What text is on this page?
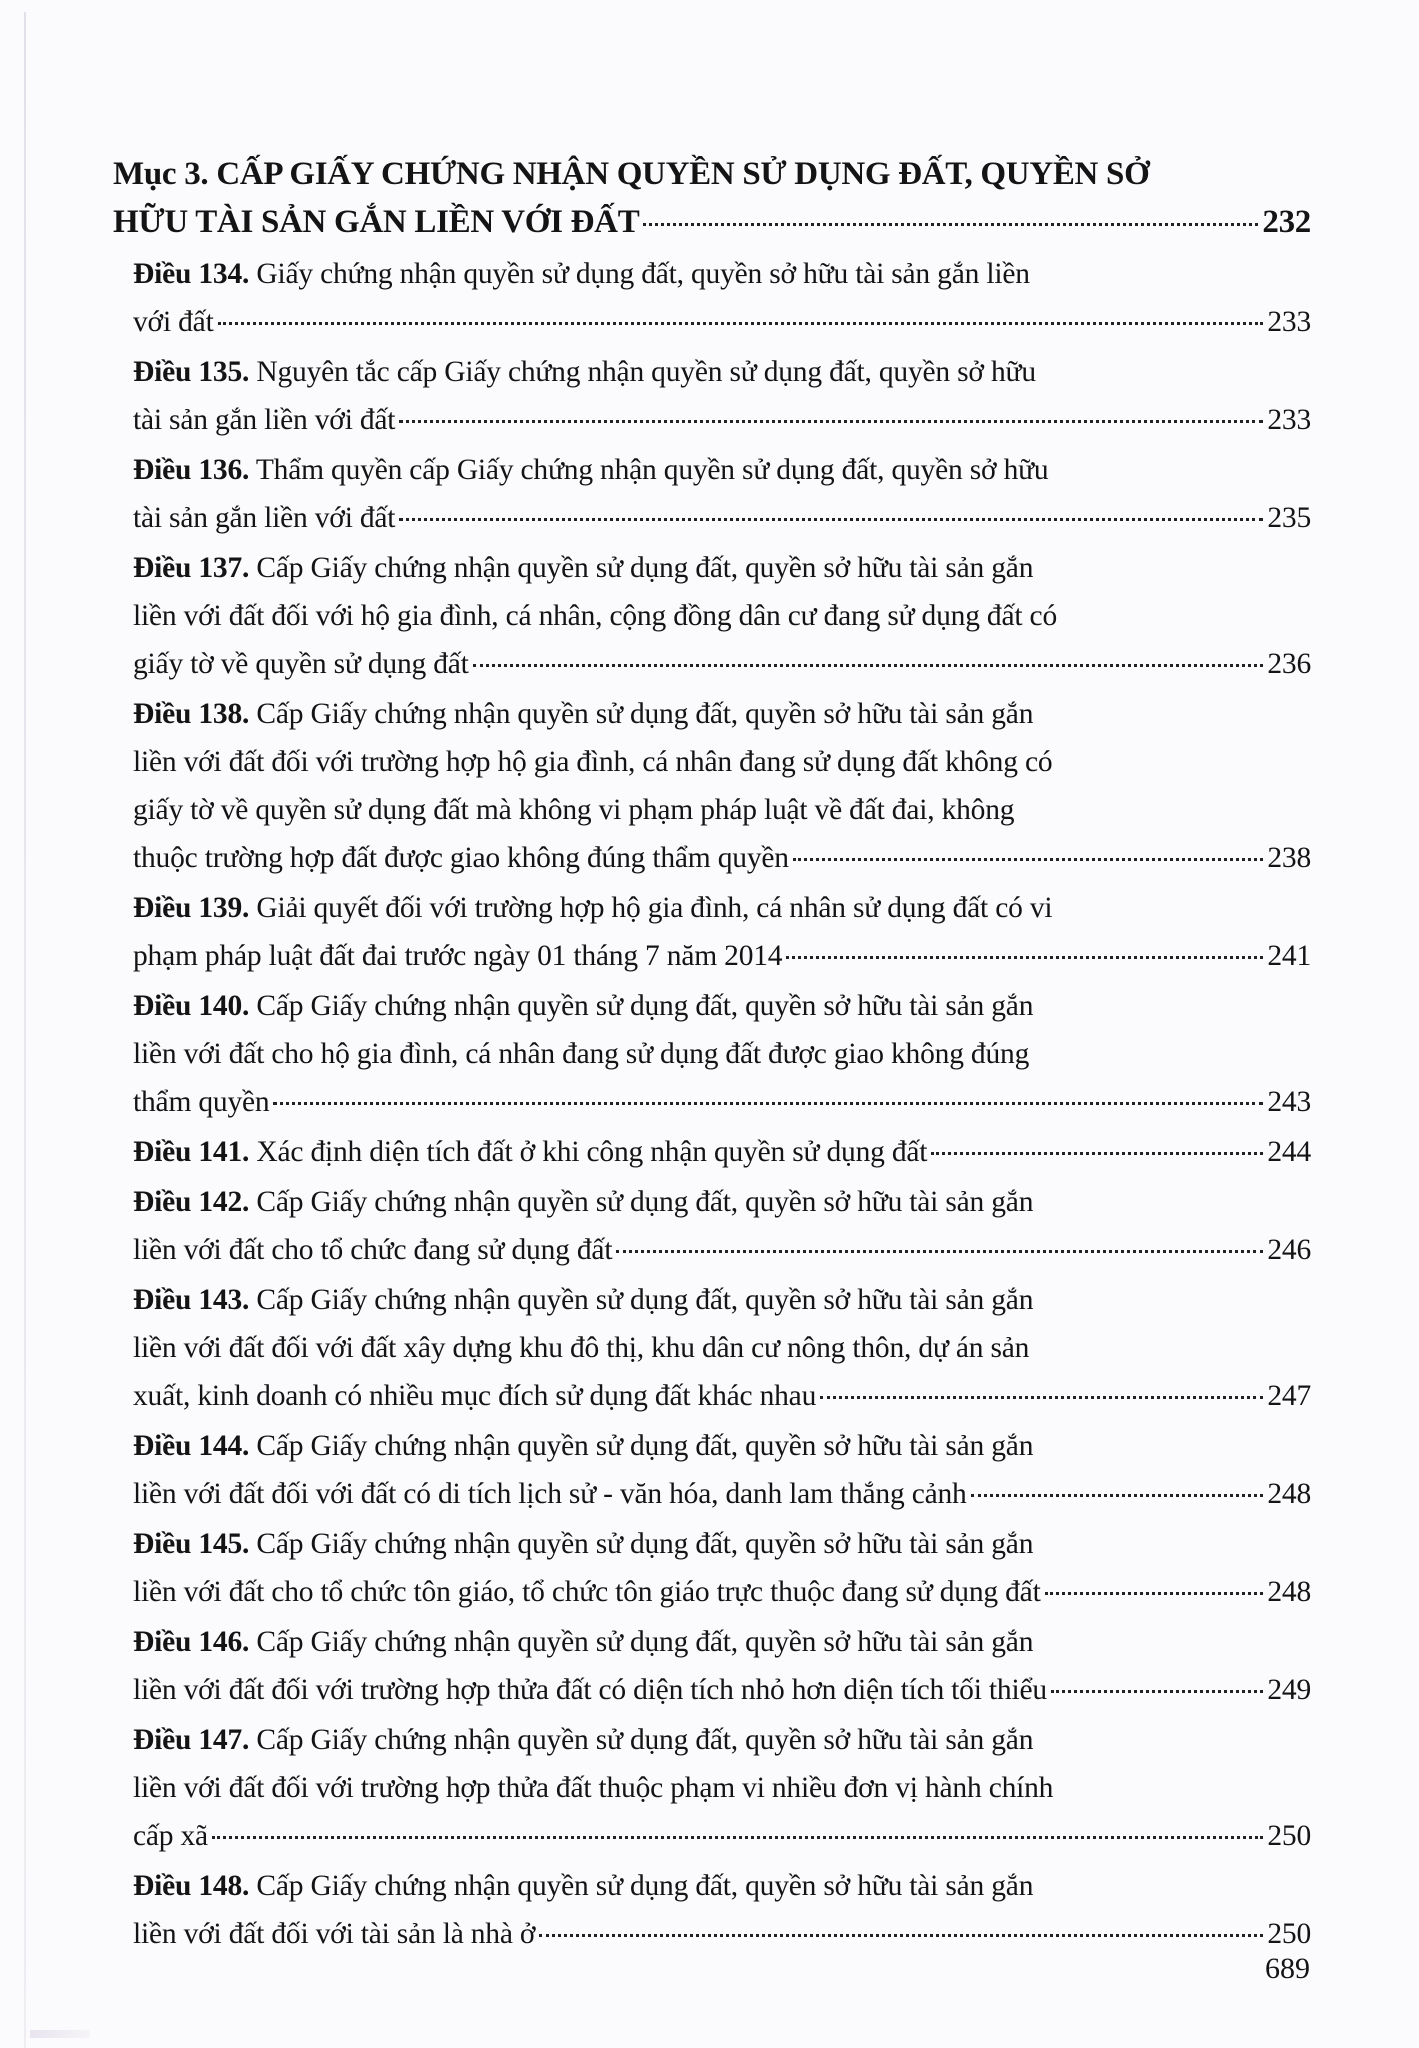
Mục 3. CẤP GIẤY CHỨNG NHẬN QUYỀN SỬ DỤNG ĐẤT, QUYỀN SỞ
HỮU TÀI SẢN GẮN LIỀN VỚI ĐẤT	232
Điều 134. Giấy chứng nhận quyền sử dụng đất, quyền sở hữu tài sản gắn liền
với đất	233
Điều 135. Nguyên tắc cấp Giấy chứng nhận quyền sử dụng đất, quyền sở hữu
tài sản gắn liền với đất	233
Điều 136. Thẩm quyền cấp Giấy chứng nhận quyền sử dụng đất, quyền sở hữu
tài sản gắn liền với đất	235
Điều 137. Cấp Giấy chứng nhận quyền sử dụng đất, quyền sở hữu tài sản gắn
liền với đất đối với hộ gia đình, cá nhân, cộng đồng dân cư đang sử dụng đất có
giấy tờ về quyền sử dụng đất	236
Điều 138. Cấp Giấy chứng nhận quyền sử dụng đất, quyền sở hữu tài sản gắn
liền với đất đối với trường hợp hộ gia đình, cá nhân đang sử dụng đất không có
giấy tờ về quyền sử dụng đất mà không vi phạm pháp luật về đất đai, không
thuộc trường hợp đất được giao không đúng thẩm quyền	238
Điều 139. Giải quyết đối với trường hợp hộ gia đình, cá nhân sử dụng đất có vi
phạm pháp luật đất đai trước ngày 01 tháng 7 năm 2014	241
Điều 140. Cấp Giấy chứng nhận quyền sử dụng đất, quyền sở hữu tài sản gắn
liền với đất cho hộ gia đình, cá nhân đang sử dụng đất được giao không đúng
thẩm quyền	243
Điều 141. Xác định diện tích đất ở khi công nhận quyền sử dụng đất	244
Điều 142. Cấp Giấy chứng nhận quyền sử dụng đất, quyền sở hữu tài sản gắn
liền với đất cho tổ chức đang sử dụng đất	246
Điều 143. Cấp Giấy chứng nhận quyền sử dụng đất, quyền sở hữu tài sản gắn
liền với đất đối với đất xây dựng khu đô thị, khu dân cư nông thôn, dự án sản
xuất, kinh doanh có nhiều mục đích sử dụng đất khác nhau	247
Điều 144. Cấp Giấy chứng nhận quyền sử dụng đất, quyền sở hữu tài sản gắn
liền với đất đối với đất có di tích lịch sử - văn hóa, danh lam thắng cảnh	248
Điều 145. Cấp Giấy chứng nhận quyền sử dụng đất, quyền sở hữu tài sản gắn
liền với đất cho tổ chức tôn giáo, tổ chức tôn giáo trực thuộc đang sử dụng đất	248
Điều 146. Cấp Giấy chứng nhận quyền sử dụng đất, quyền sở hữu tài sản gắn
liền với đất đối với trường hợp thửa đất có diện tích nhỏ hơn diện tích tối thiểu	249
Điều 147. Cấp Giấy chứng nhận quyền sử dụng đất, quyền sở hữu tài sản gắn
liền với đất đối với trường hợp thửa đất thuộc phạm vi nhiều đơn vị hành chính
cấp xã	250
Điều 148. Cấp Giấy chứng nhận quyền sử dụng đất, quyền sở hữu tài sản gắn
liền với đất đối với tài sản là nhà ở	250
689
